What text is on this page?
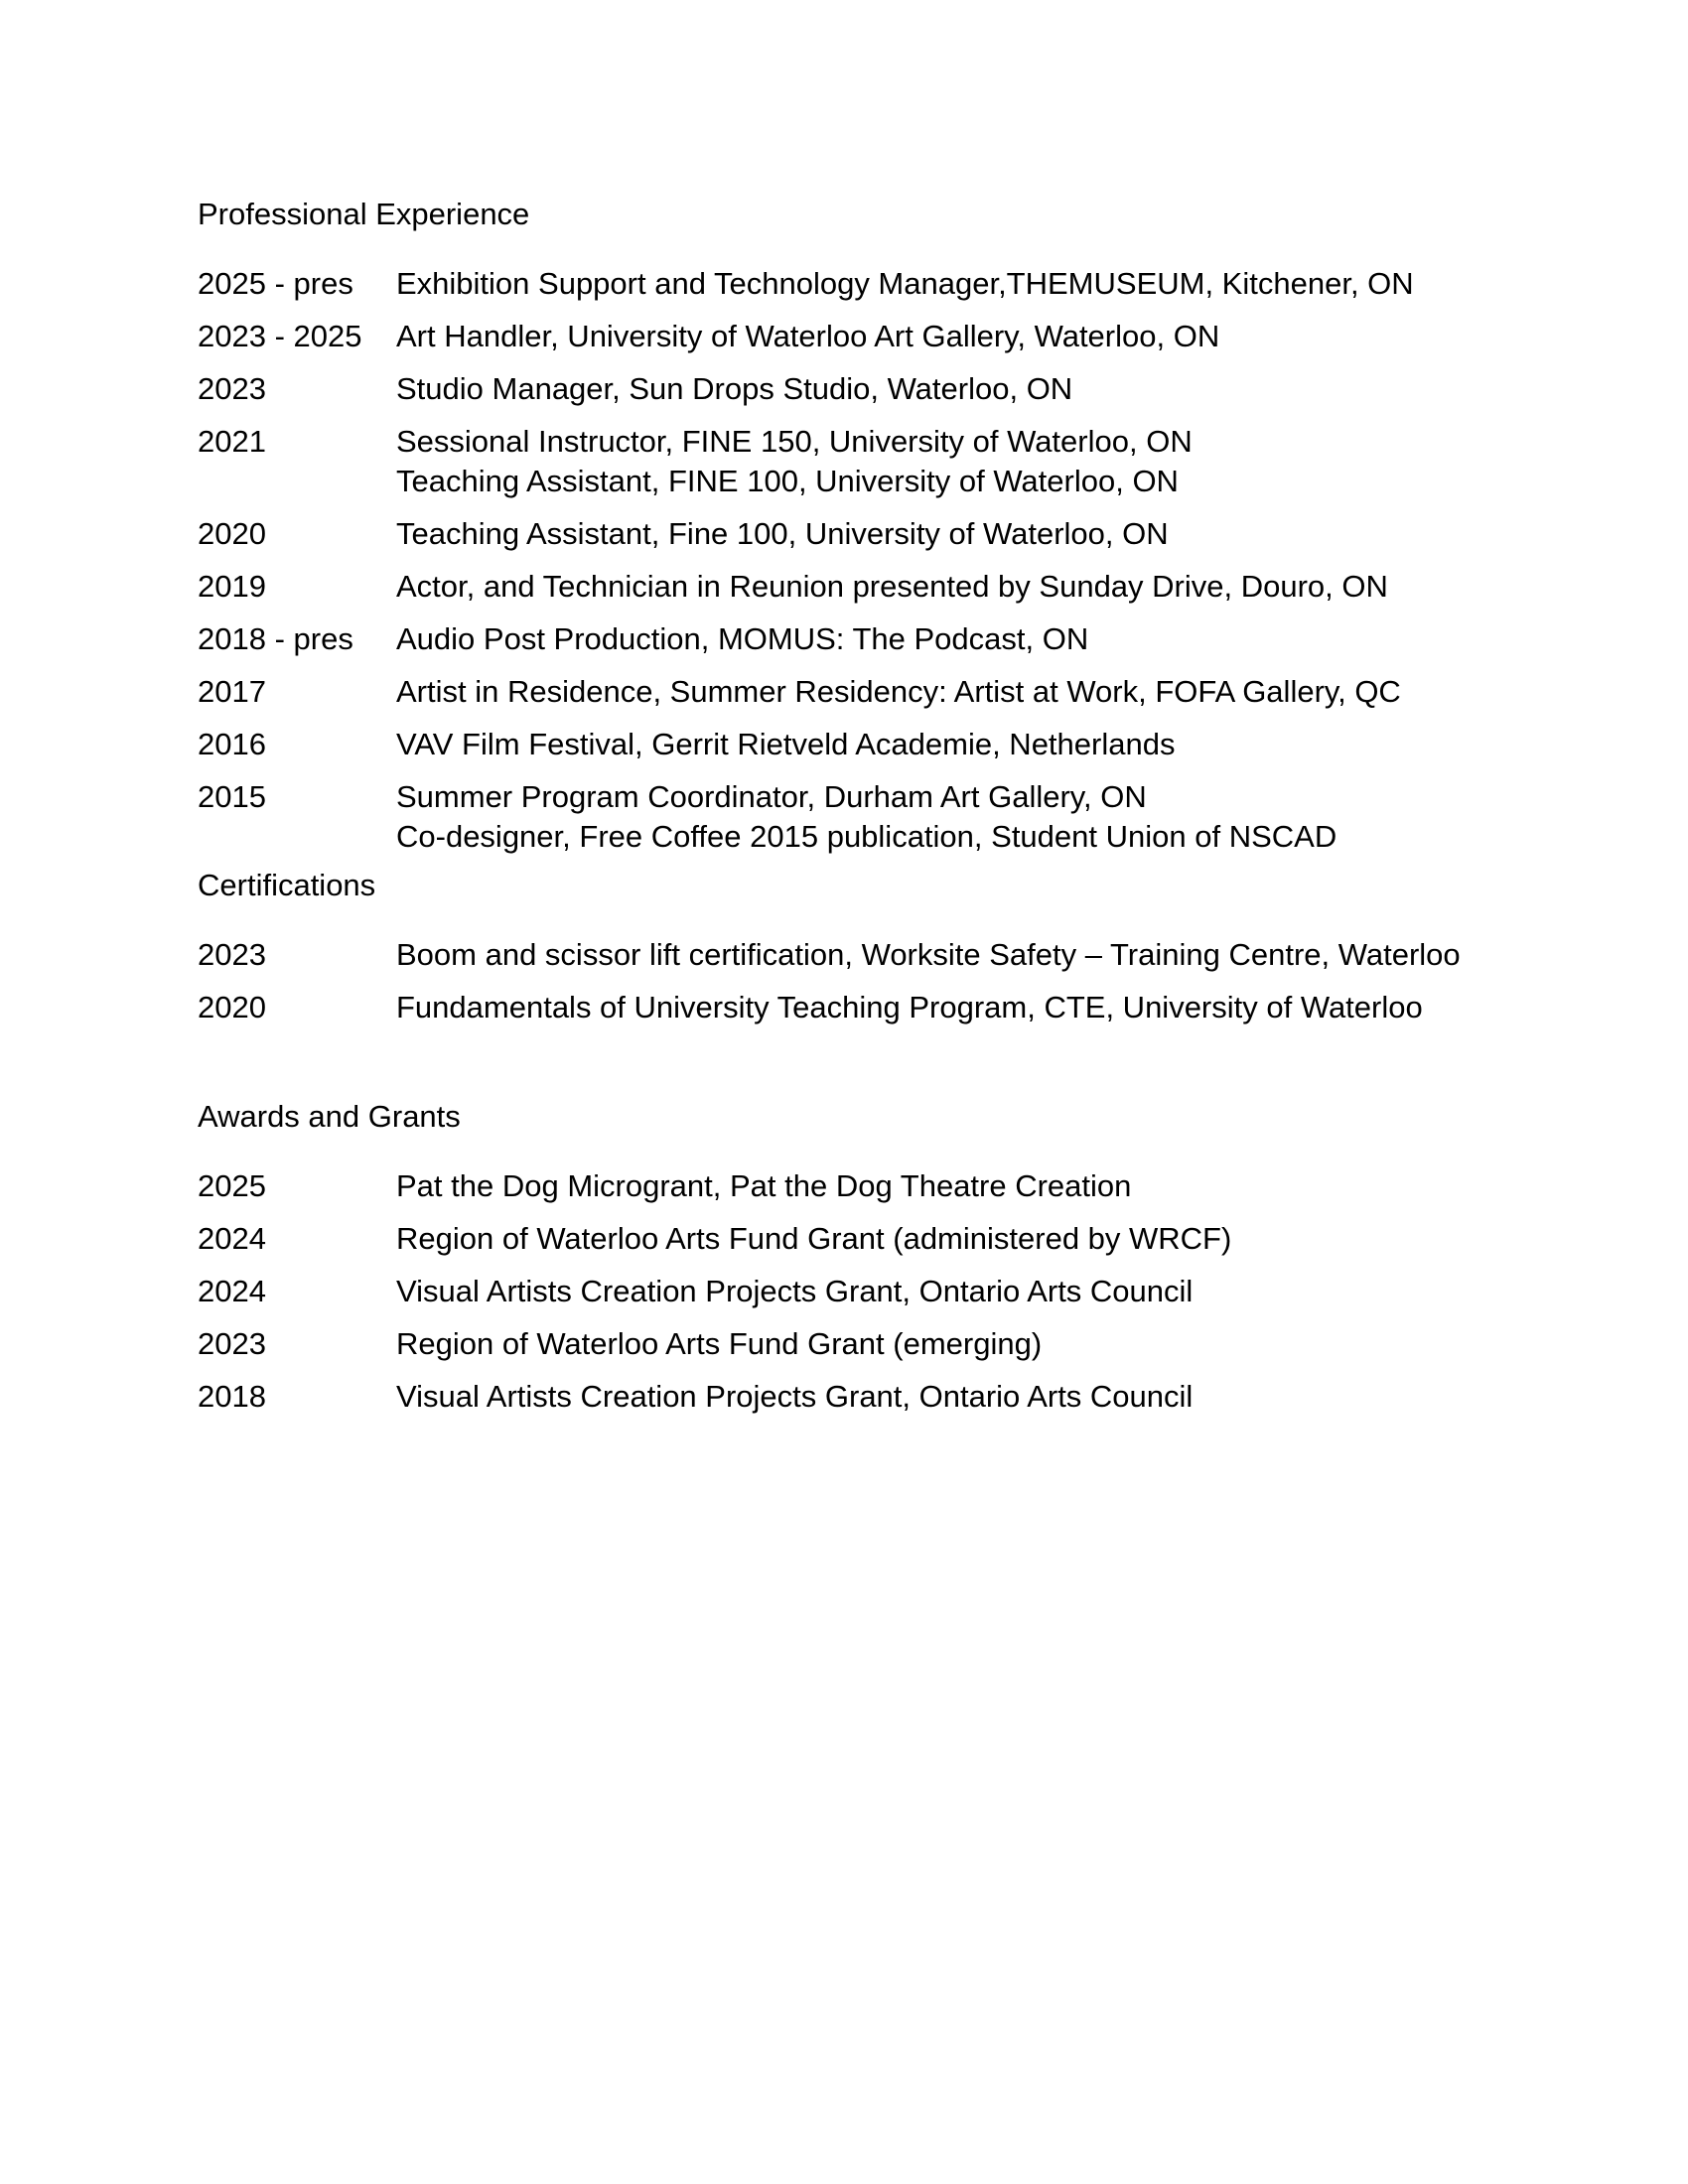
Professional Experience
2025 - pres	Exhibition Support and Technology Manager,THEMUSEUM, Kitchener, ON
2023 - 2025	Art Handler, University of Waterloo Art Gallery, Waterloo, ON
2023	Studio Manager, Sun Drops Studio, Waterloo, ON
2021	Sessional Instructor, FINE 150, University of Waterloo, ON
Teaching Assistant, FINE 100, University of Waterloo, ON
2020	Teaching Assistant, Fine 100, University of Waterloo, ON
2019	Actor, and Technician in Reunion presented by Sunday Drive, Douro, ON
2018 - pres	Audio Post Production, MOMUS: The Podcast, ON
2017	Artist in Residence, Summer Residency: Artist at Work, FOFA Gallery, QC
2016	VAV Film Festival, Gerrit Rietveld Academie, Netherlands
2015	Summer Program Coordinator, Durham Art Gallery, ON
Co-designer, Free Coffee 2015 publication, Student Union of NSCAD
Certifications
2023	Boom and scissor lift certification, Worksite Safety – Training Centre, Waterloo
2020	Fundamentals of University Teaching Program, CTE, University of Waterloo
Awards and Grants
2025	Pat the Dog Microgrant, Pat the Dog Theatre Creation
2024	Region of Waterloo Arts Fund Grant (administered by WRCF)
2024	Visual Artists Creation Projects Grant, Ontario Arts Council
2023	Region of Waterloo Arts Fund Grant (emerging)
2018	Visual Artists Creation Projects Grant, Ontario Arts Council
